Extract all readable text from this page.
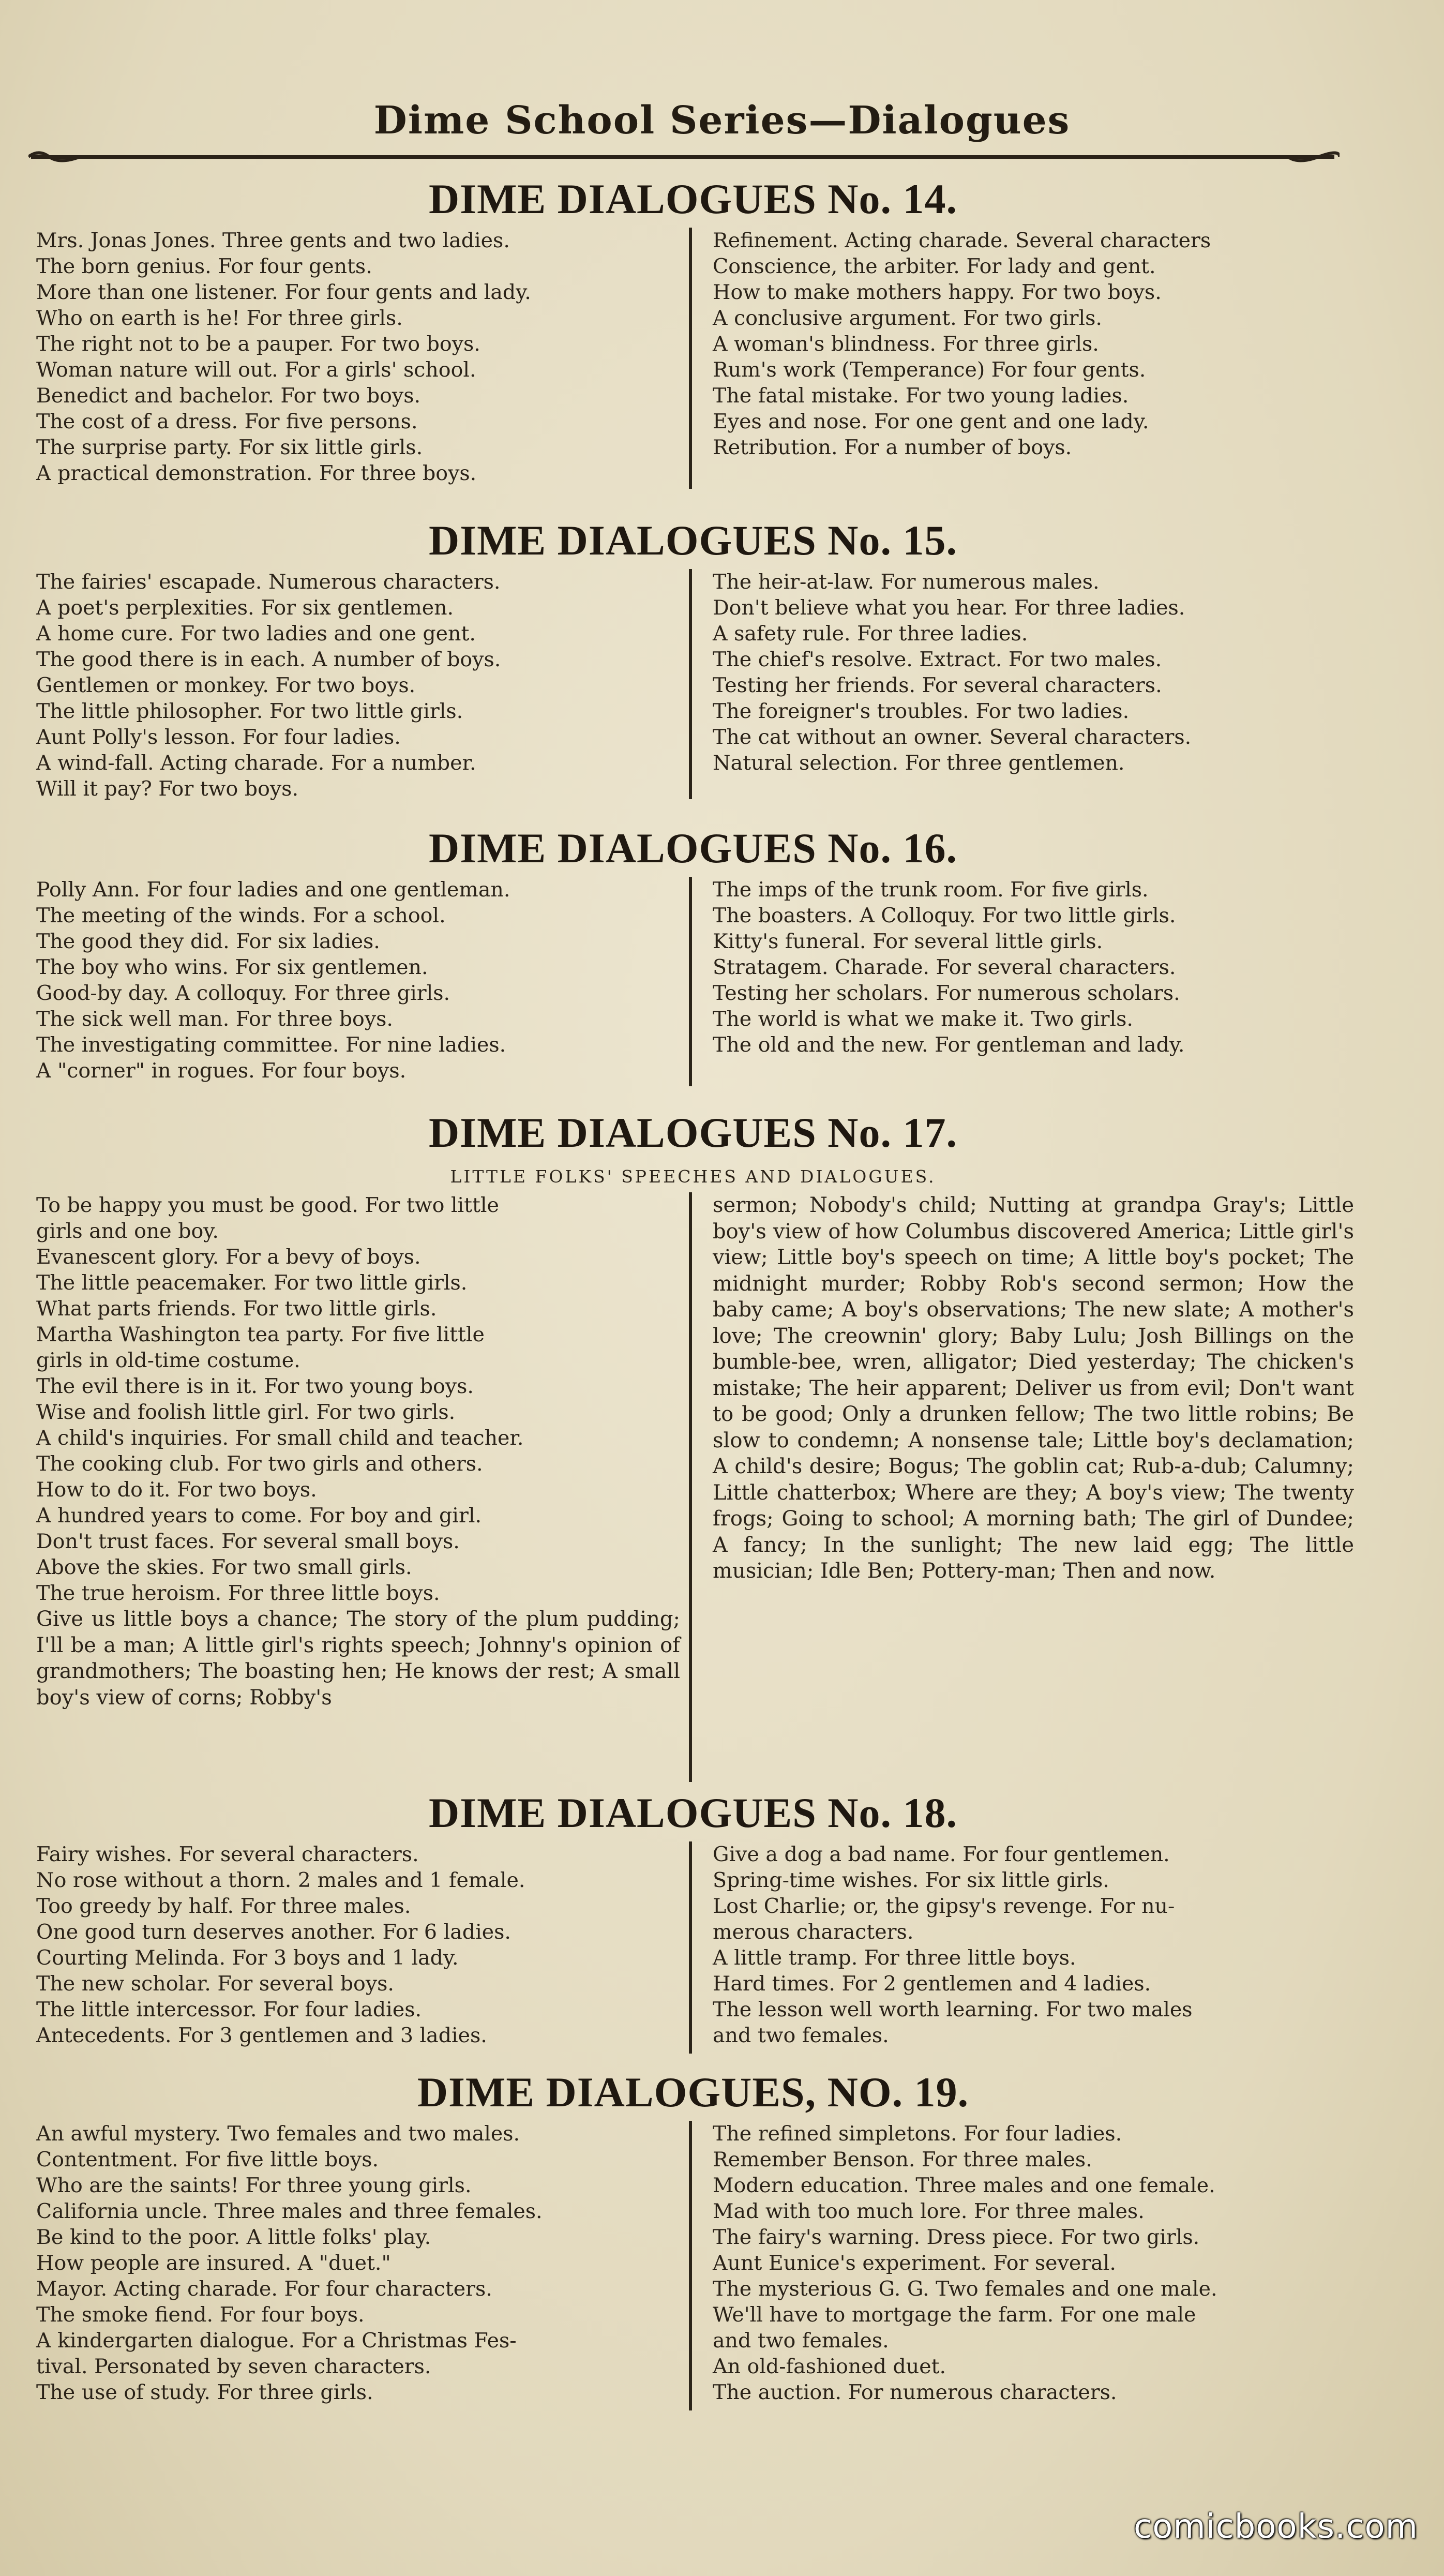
Dime School Series—Dialogues
DIME DIALOGUES No. 14.
Mrs. Jonas Jones. Three gents and two ladies.
The born genius. For four gents.
More than one listener. For four gents and lady.
Who on earth is he! For three girls.
The right not to be a pauper. For two boys.
Woman nature will out. For a girls' school.
Benedict and bachelor. For two boys.
The cost of a dress. For five persons.
The surprise party. For six little girls.
A practical demonstration. For three boys.
Refinement. Acting charade. Several characters
Conscience, the arbiter. For lady and gent.
How to make mothers happy. For two boys.
A conclusive argument. For two girls.
A woman's blindness. For three girls.
Rum's work (Temperance) For four gents.
The fatal mistake. For two young ladies.
Eyes and nose. For one gent and one lady.
Retribution. For a number of boys.
DIME DIALOGUES No. 15.
The fairies' escapade. Numerous characters.
A poet's perplexities. For six gentlemen.
A home cure. For two ladies and one gent.
The good there is in each. A number of boys.
Gentlemen or monkey. For two boys.
The little philosopher. For two little girls.
Aunt Polly's lesson. For four ladies.
A wind-fall. Acting charade. For a number.
Will it pay? For two boys.
The heir-at-law. For numerous males.
Don't believe what you hear. For three ladies.
A safety rule. For three ladies.
The chief's resolve. Extract. For two males.
Testing her friends. For several characters.
The foreigner's troubles. For two ladies.
The cat without an owner. Several characters.
Natural selection. For three gentlemen.
DIME DIALOGUES No. 16.
Polly Ann. For four ladies and one gentleman.
The meeting of the winds. For a school.
The good they did. For six ladies.
The boy who wins. For six gentlemen.
Good-by day. A colloquy. For three girls.
The sick well man. For three boys.
The investigating committee. For nine ladies.
A "corner" in rogues. For four boys.
The imps of the trunk room. For five girls.
The boasters. A Colloquy. For two little girls.
Kitty's funeral. For several little girls.
Stratagem. Charade. For several characters.
Testing her scholars. For numerous scholars.
The world is what we make it. Two girls.
The old and the new. For gentleman and lady.
DIME DIALOGUES No. 17.
LITTLE FOLKS' SPEECHES AND DIALOGUES.
To be happy you must be good. For two little
girls and one boy.
Evanescent glory. For a bevy of boys.
The little peacemaker. For two little girls.
What parts friends. For two little girls.
Martha Washington tea party. For five little
girls in old-time costume.
The evil there is in it. For two young boys.
Wise and foolish little girl. For two girls.
A child's inquiries. For small child and teacher.
The cooking club. For two girls and others.
How to do it. For two boys.
A hundred years to come. For boy and girl.
Don't trust faces. For several small boys.
Above the skies. For two small girls.
The true heroism. For three little boys.
Give us little boys a chance; The story of the plum pudding; I'll be a man; A little girl's rights speech; Johnny's opinion of grandmothers; The boasting hen; He knows der rest; A small boy's view of corns; Robby's
sermon; Nobody's child; Nutting at grandpa Gray's; Little boy's view of how Columbus discovered America; Little girl's view; Little boy's speech on time; A little boy's pocket; The midnight murder; Robby Rob's second sermon; How the baby came; A boy's observations; The new slate; A mother's love; The creownin' glory; Baby Lulu; Josh Billings on the bumble-bee, wren, alligator; Died yesterday; The chicken's mistake; The heir apparent; Deliver us from evil; Don't want to be good; Only a drunken fellow; The two little robins; Be slow to condemn; A nonsense tale; Little boy's declamation; A child's desire; Bogus; The goblin cat; Rub-a-dub; Calumny; Little chatterbox; Where are they; A boy's view; The twenty frogs; Going to school; A morning bath; The girl of Dundee; A fancy; In the sunlight; The new laid egg; The little musician; Idle Ben; Pottery-man; Then and now.
DIME DIALOGUES No. 18.
Fairy wishes. For several characters.
No rose without a thorn. 2 males and 1 female.
Too greedy by half. For three males.
One good turn deserves another. For 6 ladies.
Courting Melinda. For 3 boys and 1 lady.
The new scholar. For several boys.
The little intercessor. For four ladies.
Antecedents. For 3 gentlemen and 3 ladies.
Give a dog a bad name. For four gentlemen.
Spring-time wishes. For six little girls.
Lost Charlie; or, the gipsy's revenge. For nu-
merous characters.
A little tramp. For three little boys.
Hard times. For 2 gentlemen and 4 ladies.
The lesson well worth learning. For two males
and two females.
DIME DIALOGUES, NO. 19.
An awful mystery. Two females and two males.
Contentment. For five little boys.
Who are the saints! For three young girls.
California uncle. Three males and three females.
Be kind to the poor. A little folks' play.
How people are insured. A "duet."
Mayor. Acting charade. For four characters.
The smoke fiend. For four boys.
A kindergarten dialogue. For a Christmas Fes-
tival. Personated by seven characters.
The use of study. For three girls.
The refined simpletons. For four ladies.
Remember Benson. For three males.
Modern education. Three males and one female.
Mad with too much lore. For three males.
The fairy's warning. Dress piece. For two girls.
Aunt Eunice's experiment. For several.
The mysterious G. G. Two females and one male.
We'll have to mortgage the farm. For one male
and two females.
An old-fashioned duet.
The auction. For numerous characters.
comicbooks.com
